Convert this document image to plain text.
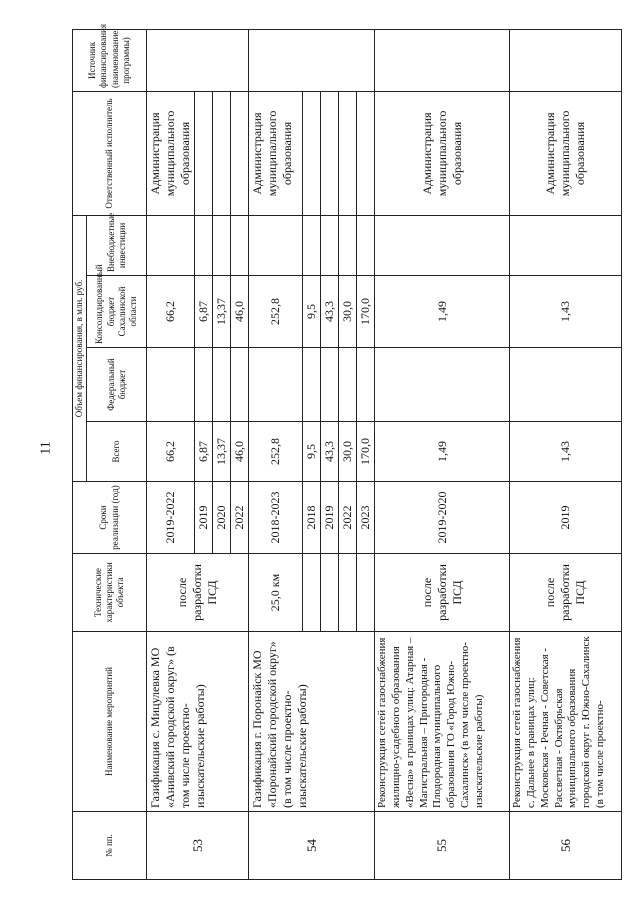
11
№ пп.	Наименование мероприятий	Технические характеристики объекта	Сроки реализации (год)	Объем финансирования, в млн. руб.				Ответственный исполнитель	Источник финансирования (наименование программы)
				Всего	Федеральный бюджет	Консолидированный бюджет Сахалинской области	Внебюджетные инвестиции		
53	Газификация с. Мицулевка МО «Анивский городской округ» (в том числе проектно-изыскательские работы)	после разработки ПСД	2019-2022	66,2		66,2		Администрация муниципального образования	
			2019	6,87		6,87			
			2020	13,37		13,37			
			2022	46,0		46,0			
54	Газификация г. Поронайск МО «Поронайский городской округ» (в том числе проектно-изыскательские работы)	25,0 км	2018-2023	252,8		252,8		Администрация муниципального образования	
			2018	9,5		9,5			
			2019	43,3		43,3			
			2022	30,0		30,0			
			2023	170,0		170,0			
55	Реконструкция сетей газоснабжения жилищно-усадебного образования «Весна» в границах улиц: Атарная – Магистральная – Пригородная - Плодородная муниципального образования ГО «Город Южно-Сахалинск» (в том числе проектно-изыскательские работы)	после разработки ПСД	2019-2020	1,49		1,49		Администрация муниципального образования	
56	Реконструкция сетей газоснабжения с. Дальнее в границах улиц: Московская - Речная - Советская - Рассветная - Октябрьская муниципального образования городской округ г. Южно-Сахалинск (в том числе проектно-	после разработки ПСД	2019	1,43		1,43		Администрация муниципального образования	
